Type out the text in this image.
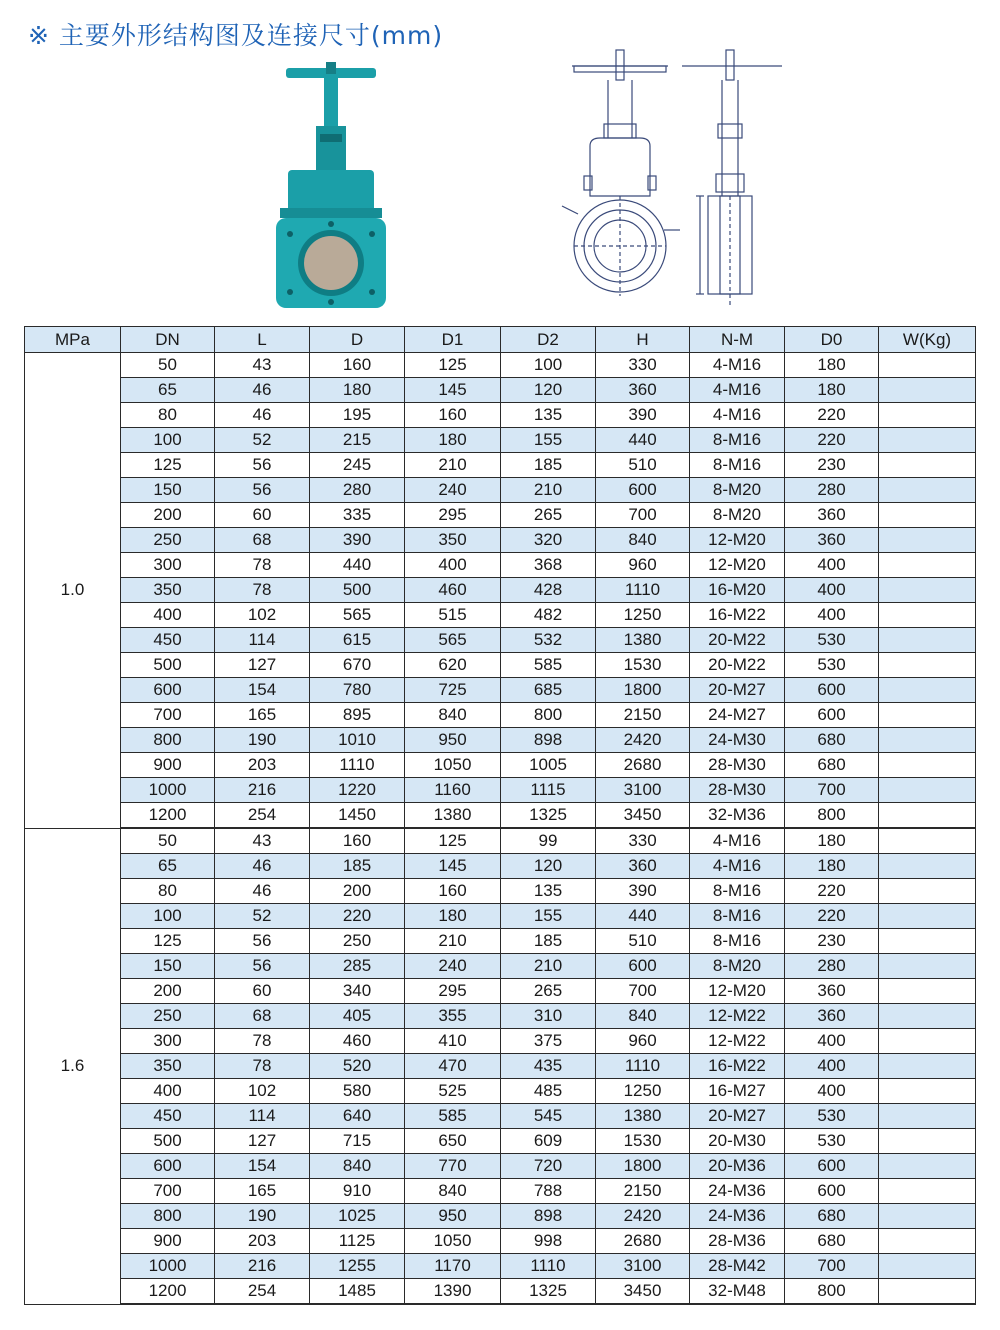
※ 主要外形结构图及连接尺寸(mm)
MPa	DN	L	D	D1	D2	H	N-M	D0	W(Kg)
1.0	50	43	160	125	100	330	4-M16	180	
	65	46	180	145	120	360	4-M16	180	
	80	46	195	160	135	390	4-M16	220	
	100	52	215	180	155	440	8-M16	220	
	125	56	245	210	185	510	8-M16	230	
	150	56	280	240	210	600	8-M20	280	
	200	60	335	295	265	700	8-M20	360	
	250	68	390	350	320	840	12-M20	360	
	300	78	440	400	368	960	12-M20	400	
	350	78	500	460	428	1110	16-M20	400	
	400	102	565	515	482	1250	16-M22	400	
	450	114	615	565	532	1380	20-M22	530	
	500	127	670	620	585	1530	20-M22	530	
	600	154	780	725	685	1800	20-M27	600	
	700	165	895	840	800	2150	24-M27	600	
	800	190	1010	950	898	2420	24-M30	680	
	900	203	1110	1050	1005	2680	28-M30	680	
	1000	216	1220	1160	1115	3100	28-M30	700	
	1200	254	1450	1380	1325	3450	32-M36	800	
1.6	50	43	160	125	99	330	4-M16	180	
	65	46	185	145	120	360	4-M16	180	
	80	46	200	160	135	390	8-M16	220	
	100	52	220	180	155	440	8-M16	220	
	125	56	250	210	185	510	8-M16	230	
	150	56	285	240	210	600	8-M20	280	
	200	60	340	295	265	700	12-M20	360	
	250	68	405	355	310	840	12-M22	360	
	300	78	460	410	375	960	12-M22	400	
	350	78	520	470	435	1110	16-M22	400	
	400	102	580	525	485	1250	16-M27	400	
	450	114	640	585	545	1380	20-M27	530	
	500	127	715	650	609	1530	20-M30	530	
	600	154	840	770	720	1800	20-M36	600	
	700	165	910	840	788	2150	24-M36	600	
	800	190	1025	950	898	2420	24-M36	680	
	900	203	1125	1050	998	2680	28-M36	680	
	1000	216	1255	1170	1110	3100	28-M42	700	
	1200	254	1485	1390	1325	3450	32-M48	800	
